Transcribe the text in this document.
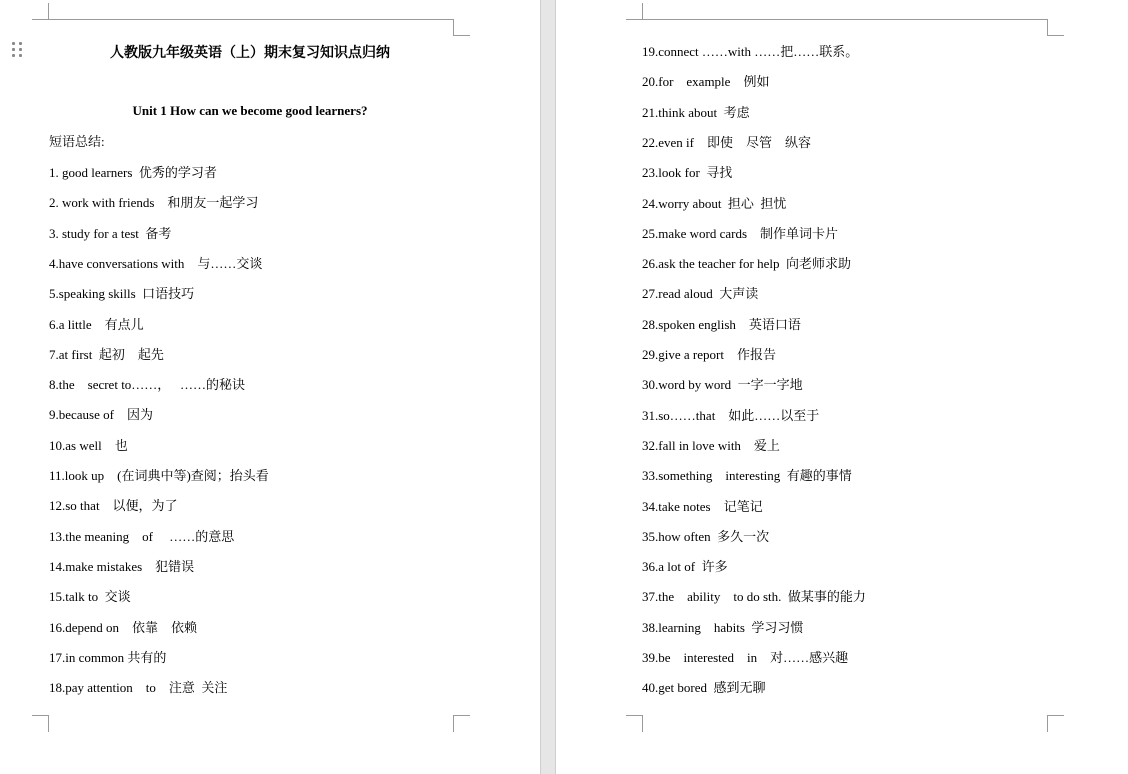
人教版九年级英语（上）期末复习知识点归纳
Unit 1 How can we become good learners?
短语总结:
1. good learners  优秀的学习者
2. work with friends    和朋友一起学习
3. study for a test  备考
4.have conversations with    与……交谈
5.speaking skills  口语技巧
6.a little    有点儿
7.at first  起初    起先
8.the    secret to……，   ……的秘诀
9.because of    因为
10.as well    也
11.look up    (在词典中等)查阅；抬头看
12.so that    以便，为了
13.the meaning    of     ……的意思
14.make mistakes    犯错误
15.talk to  交谈
16.depend on    依靠    依赖
17.in common 共有的
18.pay attention    to    注意  关注
19.connect ……with ……把……联系。
20.for    example    例如
21.think about  考虑
22.even if    即使    尽管    纵容
23.look for  寻找
24.worry about  担心  担忧
25.make word cards    制作单词卡片
26.ask the teacher for help  向老师求助
27.read aloud  大声读
28.spoken english    英语口语
29.give a report    作报告
30.word by word  一字一字地
31.so……that    如此……以至于
32.fall in love with    爱上
33.something    interesting  有趣的事情
34.take notes    记笔记
35.how often  多久一次
36.a lot of  许多
37.the    ability    to do sth.  做某事的能力
38.learning    habits  学习习惯
39.be    interested    in    对……感兴趣
40.get bored  感到无聊
